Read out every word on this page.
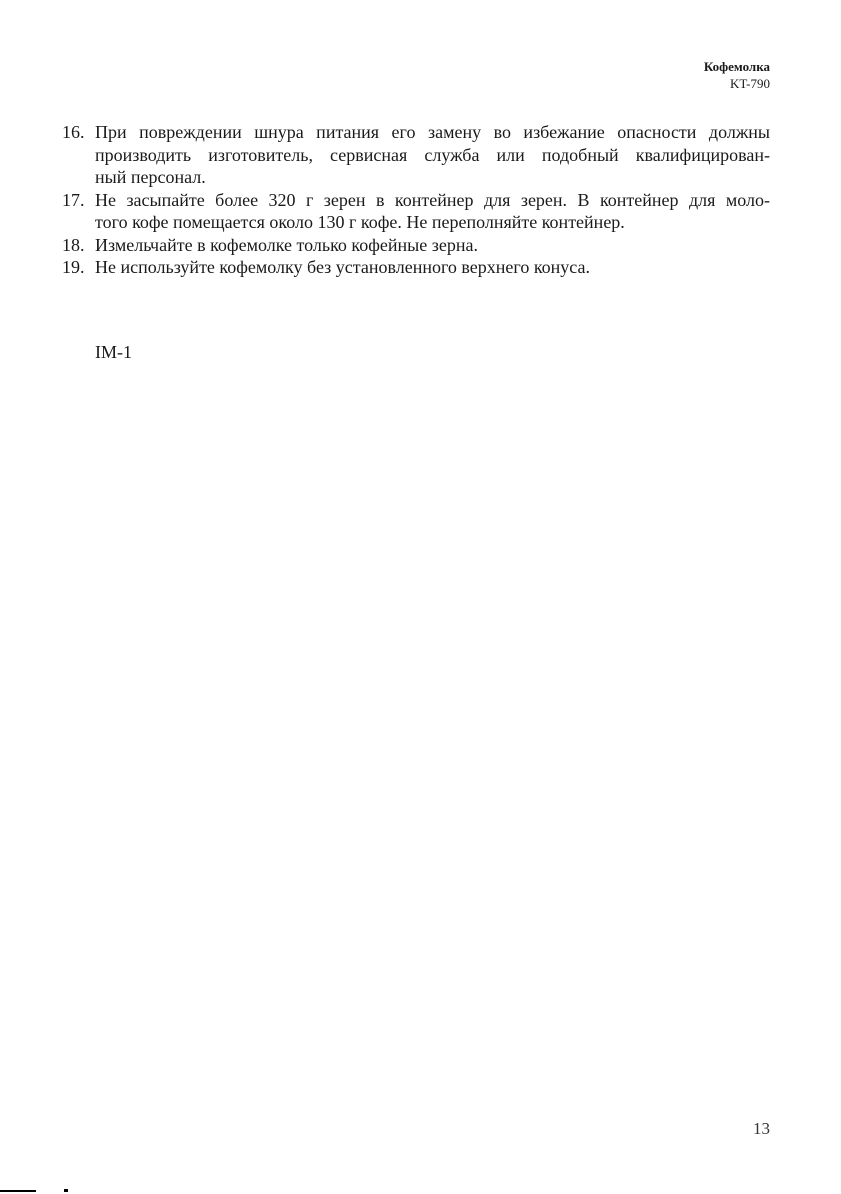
Кофемолка
KT-790
16. При повреждении шнура питания его замену во избежание опасности должны
производить изготовитель, сервисная служба или подобный квалифицирован-
ный персонал.
17. Не засыпайте более 320 г зерен в контейнер для зерен. В контейнер для моло-
того кофе помещается около 130 г кофе. Не переполняйте контейнер.
18. Измельчайте в кофемолке только кофейные зерна.
19. Не используйте кофемолку без установленного верхнего конуса.
IM-1
13
